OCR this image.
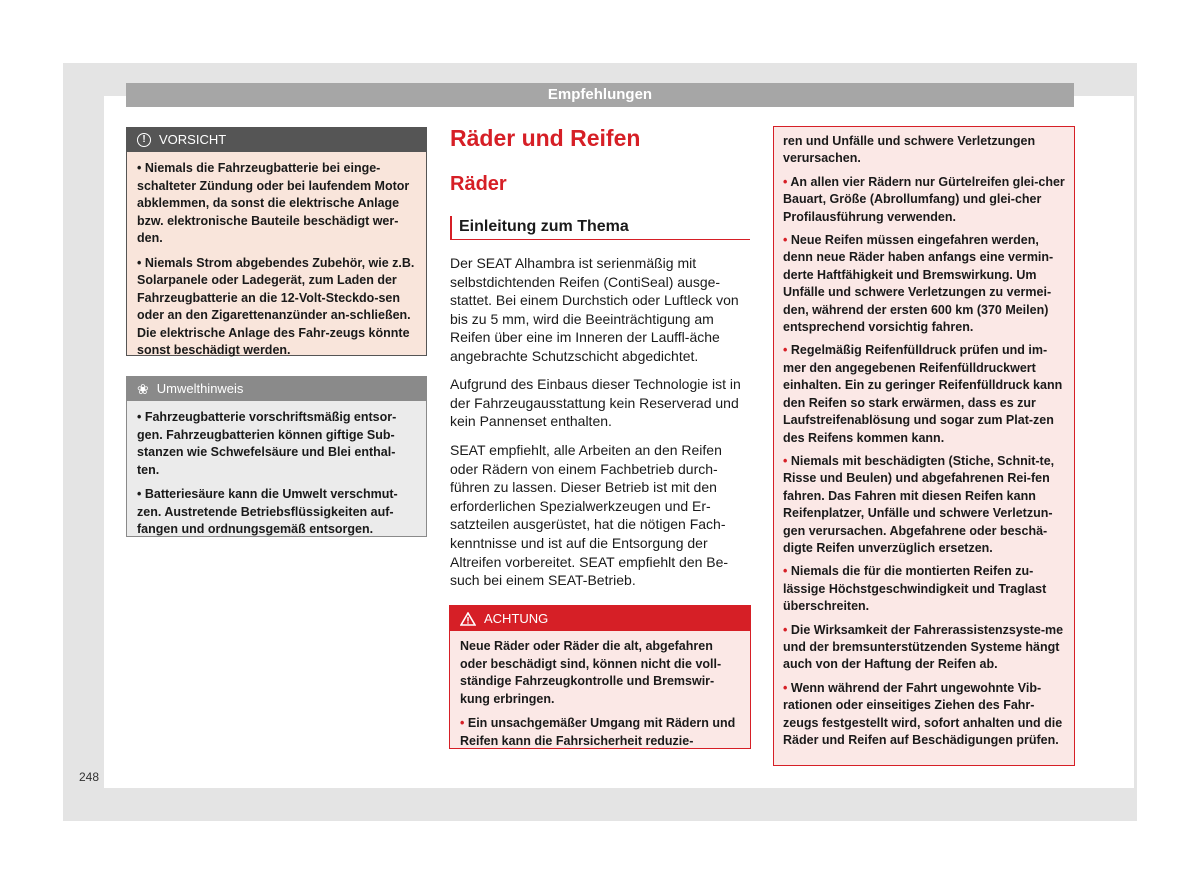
Empfehlungen
!	VORSICHT

• Niemals die Fahrzeugbatterie bei einge-schalteter Zündung oder bei laufendem Motor abklemmen, da sonst die elektrische Anlage bzw. elektronische Bauteile beschädigt wer-den.

• Niemals Strom abgebendes Zubehör, wie z.B. Solarpanele oder Ladegerät, zum Laden der Fahrzeugbatterie an die 12-Volt-Steckdo-sen oder an den Zigarettenanzünder an-schließen. Die elektrische Anlage des Fahr-zeugs könnte sonst beschädigt werden.

❀ Umwelthinweis

• Fahrzeugbatterie vorschriftsmäßig entsor-gen. Fahrzeugbatterien können giftige Sub-stanzen wie Schwefelsäure und Blei enthal-ten.

• Batteriesäure kann die Umwelt verschmut-zen. Austretende Betriebsflüssigkeiten auf-fangen und ordnungsgemäß entsorgen.

Räder und Reifen
Räder
Einleitung zum Thema

Der SEAT Alhambra ist serienmäßig mit selbstdichtenden Reifen (ContiSeal) ausge-stattet. Bei einem Durchstich oder Luftleck von bis zu 5 mm, wird die Beeinträchtigung am Reifen über eine im Inneren der Lauffl-äche angebrachte Schutzschicht abgedichtet.

Aufgrund des Einbaus dieser Technologie ist in der Fahrzeugausstattung kein Reserverad und kein Pannenset enthalten.

SEAT empfiehlt, alle Arbeiten an den Reifen oder Rädern von einem Fachbetrieb durch-führen zu lassen. Dieser Betrieb ist mit den erforderlichen Spezialwerkzeugen und Er-satzteilen ausgerüstet, hat die nötigen Fach-kenntnisse und ist auf die Entsorgung der Altreifen vorbereitet. SEAT empfiehlt den Be-such bei einem SEAT-Betrieb.

ACHTUNG

Neue Räder oder Räder die alt, abgefahren oder beschädigt sind, können nicht die voll-ständige Fahrzeugkontrolle und Bremswir-kung erbringen.

• Ein unsachgemäßer Umgang mit Rädern und Reifen kann die Fahrsicherheit reduzie-

ren und Unfälle und schwere Verletzungen verursachen.

• An allen vier Rädern nur Gürtelreifen glei-cher Bauart, Größe (Abrollumfang) und glei-cher Profilausführung verwenden.

• Neue Reifen müssen eingefahren werden, denn neue Räder haben anfangs eine vermin-derte Haftfähigkeit und Bremswirkung. Um Unfälle und schwere Verletzungen zu vermei-den, während der ersten 600 km (370 Meilen) entsprechend vorsichtig fahren.

• Regelmäßig Reifenfülldruck prüfen und im-mer den angegebenen Reifenfülldruckwert einhalten. Ein zu geringer Reifenfülldruck kann den Reifen so stark erwärmen, dass es zur Laufstreifenablösung und sogar zum Plat-zen des Reifens kommen kann.

• Niemals mit beschädigten (Stiche, Schnit-te, Risse und Beulen) und abgefahrenen Rei-fen fahren. Das Fahren mit diesen Reifen kann Reifenplatzer, Unfälle und schwere Verletzun-gen verursachen. Abgefahrene oder beschä-digte Reifen unverzüglich ersetzen.

• Niemals die für die montierten Reifen zu-lässige Höchstgeschwindigkeit und Traglast überschreiten.

• Die Wirksamkeit der Fahrerassistenzsyste-me und der bremsunterstützenden Systeme hängt auch von der Haftung der Reifen ab.

• Wenn während der Fahrt ungewohnte Vib-rationen oder einseitiges Ziehen des Fahr-zeugs festgestellt wird, sofort anhalten und die Räder und Reifen auf Beschädigungen prüfen.

248
